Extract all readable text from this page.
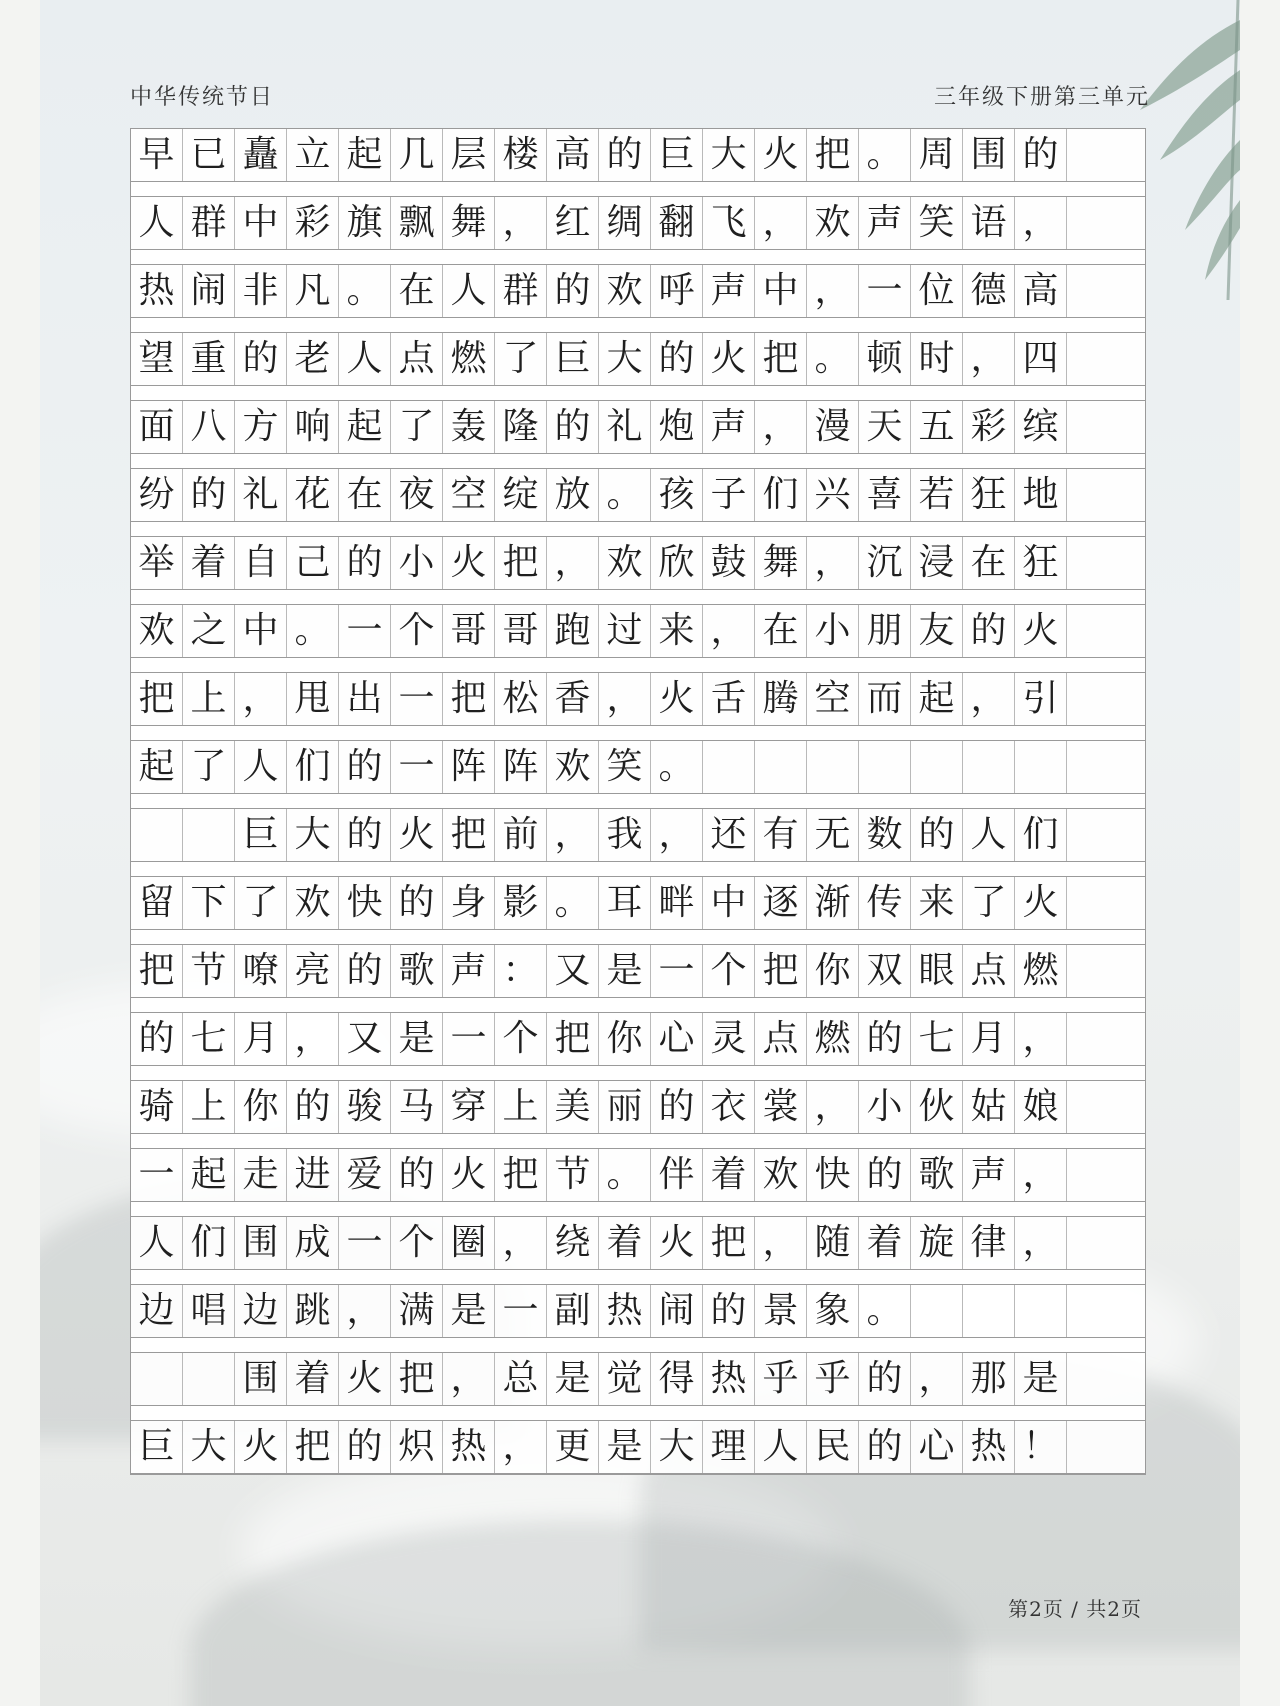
中华传统节日	三年级下册第三单元
早 已 矗 立 起 几 层 楼 高 的 巨 大 火 把 。 周 围 的
人 群 中 彩 旗 飘 舞 ， 红 绸 翻 飞 ， 欢 声 笑 语 ，
热 闹 非 凡 。 在 人 群 的 欢 呼 声 中 ， 一 位 德 高
望 重 的 老 人 点 燃 了 巨 大 的 火 把 。 顿 时 ， 四
面 八 方 响 起 了 轰 隆 的 礼 炮 声 ， 漫 天 五 彩 缤
纷 的 礼 花 在 夜 空 绽 放 。 孩 子 们 兴 喜 若 狂 地
举 着 自 己 的 小 火 把 ， 欢 欣 鼓 舞 ， 沉 浸 在 狂
欢 之 中 。 一 个 哥 哥 跑 过 来 ， 在 小 朋 友 的 火
把 上 ， 甩 出 一 把 松 香 ， 火 舌 腾 空 而 起 ， 引
起 了 人 们 的 一 阵 阵 欢 笑 。
巨 大 的 火 把 前 ， 我 ， 还 有 无 数 的 人 们
留 下 了 欢 快 的 身 影 。 耳 畔 中 逐 渐 传 来 了 火
把 节 嘹 亮 的 歌 声 ： 又 是 一 个 把 你 双 眼 点 燃
的 七 月 ， 又 是 一 个 把 你 心 灵 点 燃 的 七 月 ，
骑 上 你 的 骏 马 穿 上 美 丽 的 衣 裳 ， 小 伙 姑 娘
一 起 走 进 爱 的 火 把 节 。 伴 着 欢 快 的 歌 声 ，
人 们 围 成 一 个 圈 ， 绕 着 火 把 ， 随 着 旋 律 ，
边 唱 边 跳 ， 满 是 一 副 热 闹 的 景 象 。
围 着 火 把 ， 总 是 觉 得 热 乎 乎 的 ， 那 是
巨 大 火 把 的 炽 热 ， 更 是 大 理 人 民 的 心 热 ！
第2页 / 共2页
